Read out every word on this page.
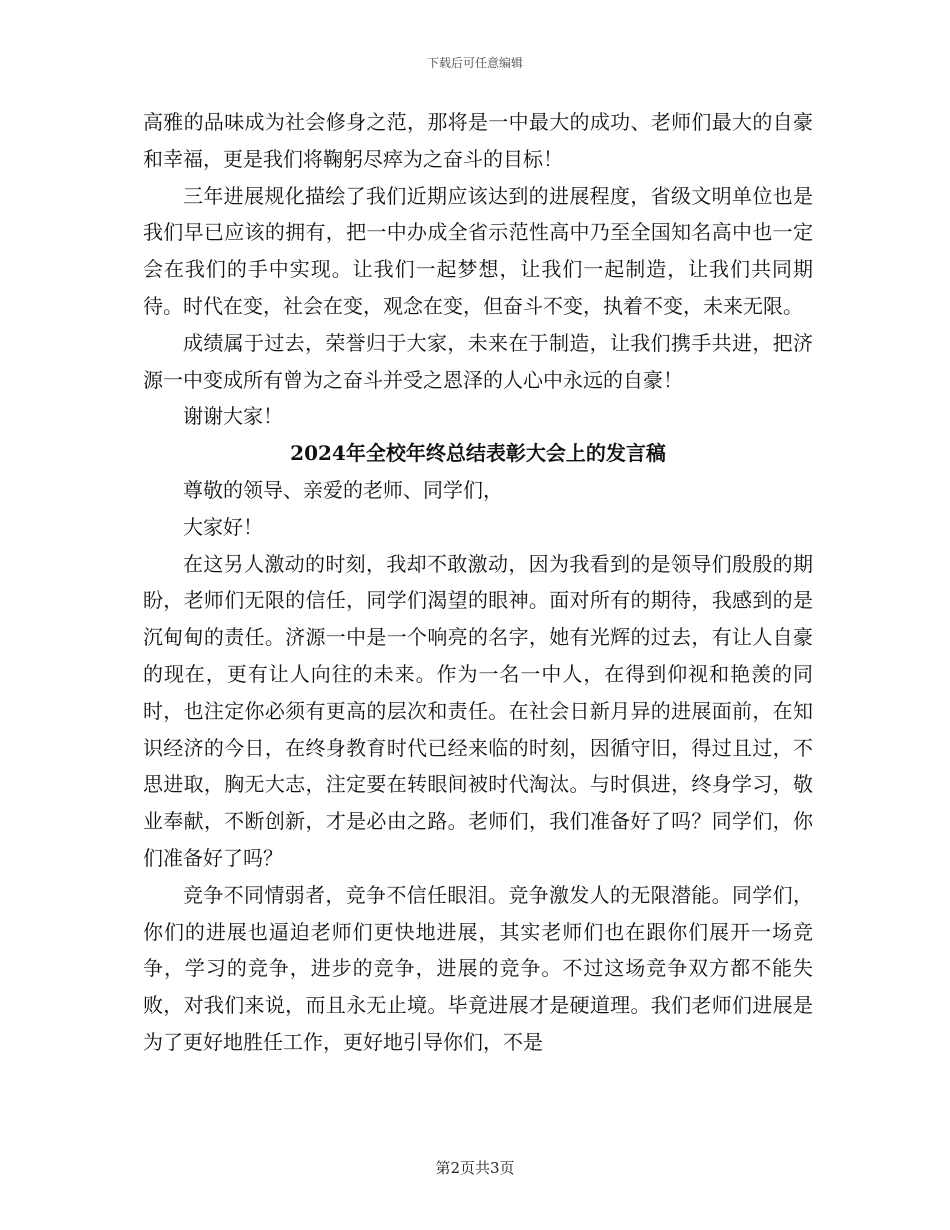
下载后可任意编辑

高雅的品味成为社会修身之范，那将是一中最大的成功、老师们最大的自豪和幸福，更是我们将鞠躬尽瘁为之奋斗的目标！

三年进展规化描绘了我们近期应该达到的进展程度，省级文明单位也是我们早已应该的拥有，把一中办成全省示范性高中乃至全国知名高中也一定会在我们的手中实现。让我们一起梦想，让我们一起制造，让我们共同期待。时代在变，社会在变，观念在变，但奋斗不变，执着不变，未来无限。

成绩属于过去，荣誉归于大家，未来在于制造，让我们携手共进，把济源一中变成所有曾为之奋斗并受之恩泽的人心中永远的自豪！

谢谢大家！

2024年全校年终总结表彰大会上的发言稿

尊敬的领导、亲爱的老师、同学们，

大家好！

在这另人激动的时刻，我却不敢激动，因为我看到的是领导们殷殷的期盼，老师们无限的信任，同学们渴望的眼神。面对所有的期待，我感到的是沉甸甸的责任。济源一中是一个响亮的名字，她有光辉的过去，有让人自豪的现在，更有让人向往的未来。作为一名一中人，在得到仰视和艳羡的同时，也注定你必须有更高的层次和责任。在社会日新月异的进展面前，在知识经济的今日，在终身教育时代已经来临的时刻，因循守旧，得过且过，不思进取，胸无大志，注定要在转眼间被时代淘汰。与时俱进，终身学习，敬业奉献，不断创新，才是必由之路。老师们，我们准备好了吗？同学们，你们准备好了吗？

竞争不同情弱者，竞争不信任眼泪。竞争激发人的无限潜能。同学们，你们的进展也逼迫老师们更快地进展，其实老师们也在跟你们展开一场竞争，学习的竞争，进步的竞争，进展的竞争。不过这场竞争双方都不能失败，对我们来说，而且永无止境。毕竟进展才是硬道理。我们老师们进展是为了更好地胜任工作，更好地引导你们，不是

第2页共3页
